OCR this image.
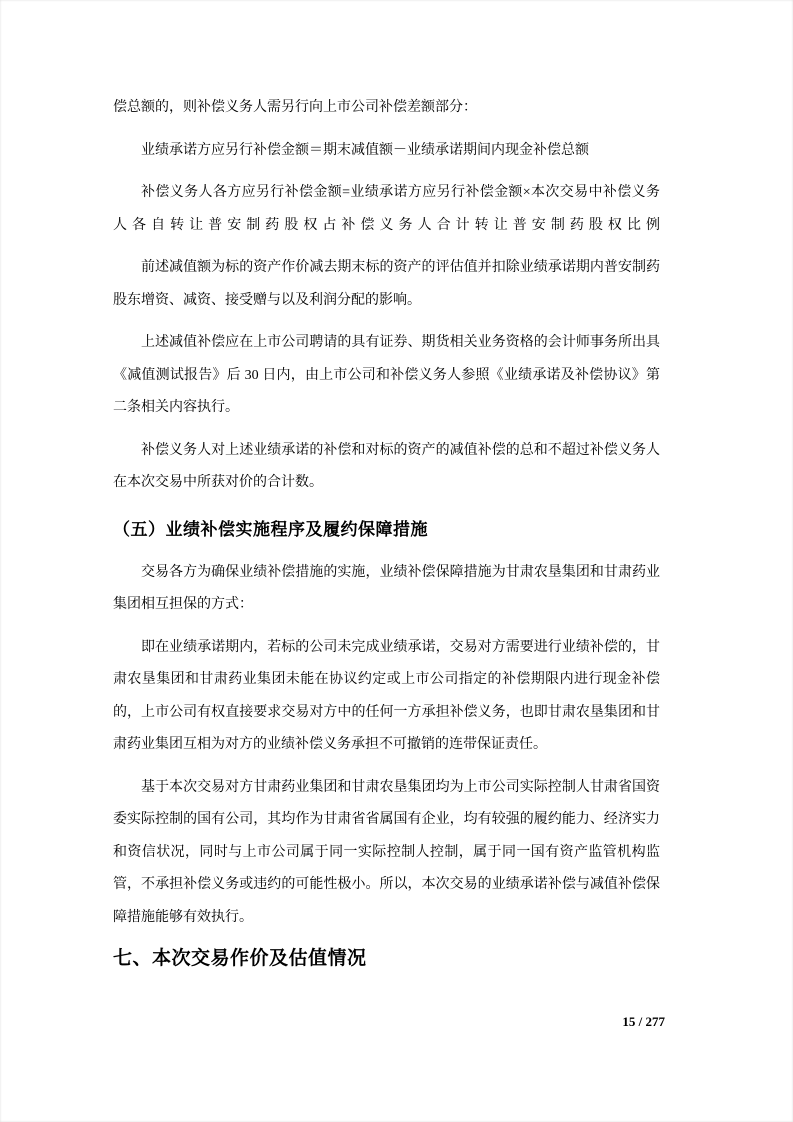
偿总额的，则补偿义务人需另行向上市公司补偿差额部分：

业绩承诺方应另行补偿金额＝期末减值额－业绩承诺期间内现金补偿总额

补偿义务人各方应另行补偿金额=业绩承诺方应另行补偿金额×本次交易中补偿义务人各自转让普安制药股权占补偿义务人合计转让普安制药股权比例

前述减值额为标的资产作价减去期末标的资产的评估值并扣除业绩承诺期内普安制药股东增资、减资、接受赠与以及利润分配的影响。

上述减值补偿应在上市公司聘请的具有证券、期货相关业务资格的会计师事务所出具《减值测试报告》后 30 日内，由上市公司和补偿义务人参照《业绩承诺及补偿协议》第二条相关内容执行。

补偿义务人对上述业绩承诺的补偿和对标的资产的减值补偿的总和不超过补偿义务人在本次交易中所获对价的合计数。

（五）业绩补偿实施程序及履约保障措施

交易各方为确保业绩补偿措施的实施，业绩补偿保障措施为甘肃农垦集团和甘肃药业集团相互担保的方式：

即在业绩承诺期内，若标的公司未完成业绩承诺，交易对方需要进行业绩补偿的，甘肃农垦集团和甘肃药业集团未能在协议约定或上市公司指定的补偿期限内进行现金补偿的，上市公司有权直接要求交易对方中的任何一方承担补偿义务，也即甘肃农垦集团和甘肃药业集团互相为对方的业绩补偿义务承担不可撤销的连带保证责任。

基于本次交易对方甘肃药业集团和甘肃农垦集团均为上市公司实际控制人甘肃省国资委实际控制的国有公司，其均作为甘肃省省属国有企业，均有较强的履约能力、经济实力和资信状况，同时与上市公司属于同一实际控制人控制，属于同一国有资产监管机构监管，不承担补偿义务或违约的可能性极小。所以，本次交易的业绩承诺补偿与减值补偿保障措施能够有效执行。

七、本次交易作价及估值情况
15 / 277
